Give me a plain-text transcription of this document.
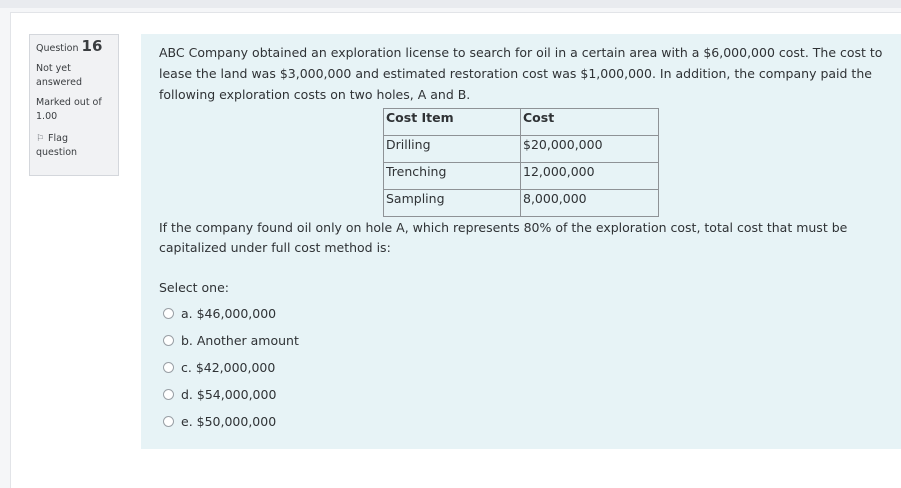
Question 16
Not yet answered
Marked out of
1.00
⚐ Flag question
ABC Company obtained an exploration license to search for oil in a certain area with a $6,000,000 cost. The cost to lease the land was $3,000,000 and estimated restoration cost was $1,000,000. In addition, the company paid the following exploration costs on two holes, A and B.
Cost Item	Cost
Drilling	$20,000,000
Trenching	12,000,000
Sampling	8,000,000
If the company found oil only on hole A, which represents 80% of the exploration cost, total cost that must be capitalized under full cost method is:
Select one:
a. $46,000,000
b. Another amount
c. $42,000,000
d. $54,000,000
e. $50,000,000
